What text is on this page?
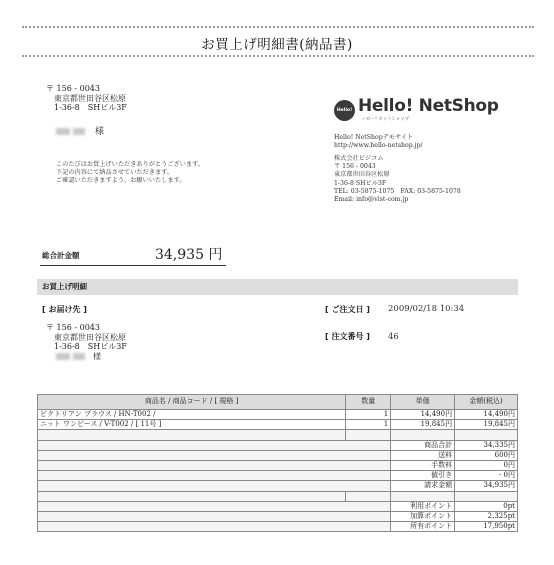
お買上げ明細書(納品書)
〒 156 - 0043
東京都世田谷区松原
1-36-8　SHビル3F
様
このたびはお買上げいただきありがとうございます。
下記の内容にて納品させていただきます。
ご確認いただきますよう、お願いいたします。
Hello! Hello! NetShop
ハロー! ネットショップ
Hello! NetShopデモサイト
http://www.hello-netshop.jp/
株式会社ビジコム
〒 156 - 0043
東京都世田谷区松原
1-36-8 SHビル3F
TEL: 03-5875-1075　FAX: 03-5875-1078
Email: info@vist-com.jp
総合計金額	34,935 円
お買上げ明細
[ お届け先 ]	[ ご注文日 ] 2009/02/18 10:34
[ 注文番号 ] 46
〒 156 - 0043
東京都世田谷区松原
1-36-8　SHビル3F
様
商品名 / 商品コード / [ 規格 ]	数量	単価	金額(税込)
ビクトリアン ブラウス / HN-T002 /	1	14,490円	14,490円
ニット ワンピース / V-T002 / [ 11号 ]	1	19,845円	19,845円

		商品合計	34,335円
		送料	600円
		手数料	0円
		値引き	- 0円
		請求金額	34,935円

		利用ポイント	0pt
		加算ポイント	2,325pt
		所有ポイント	17,950pt
